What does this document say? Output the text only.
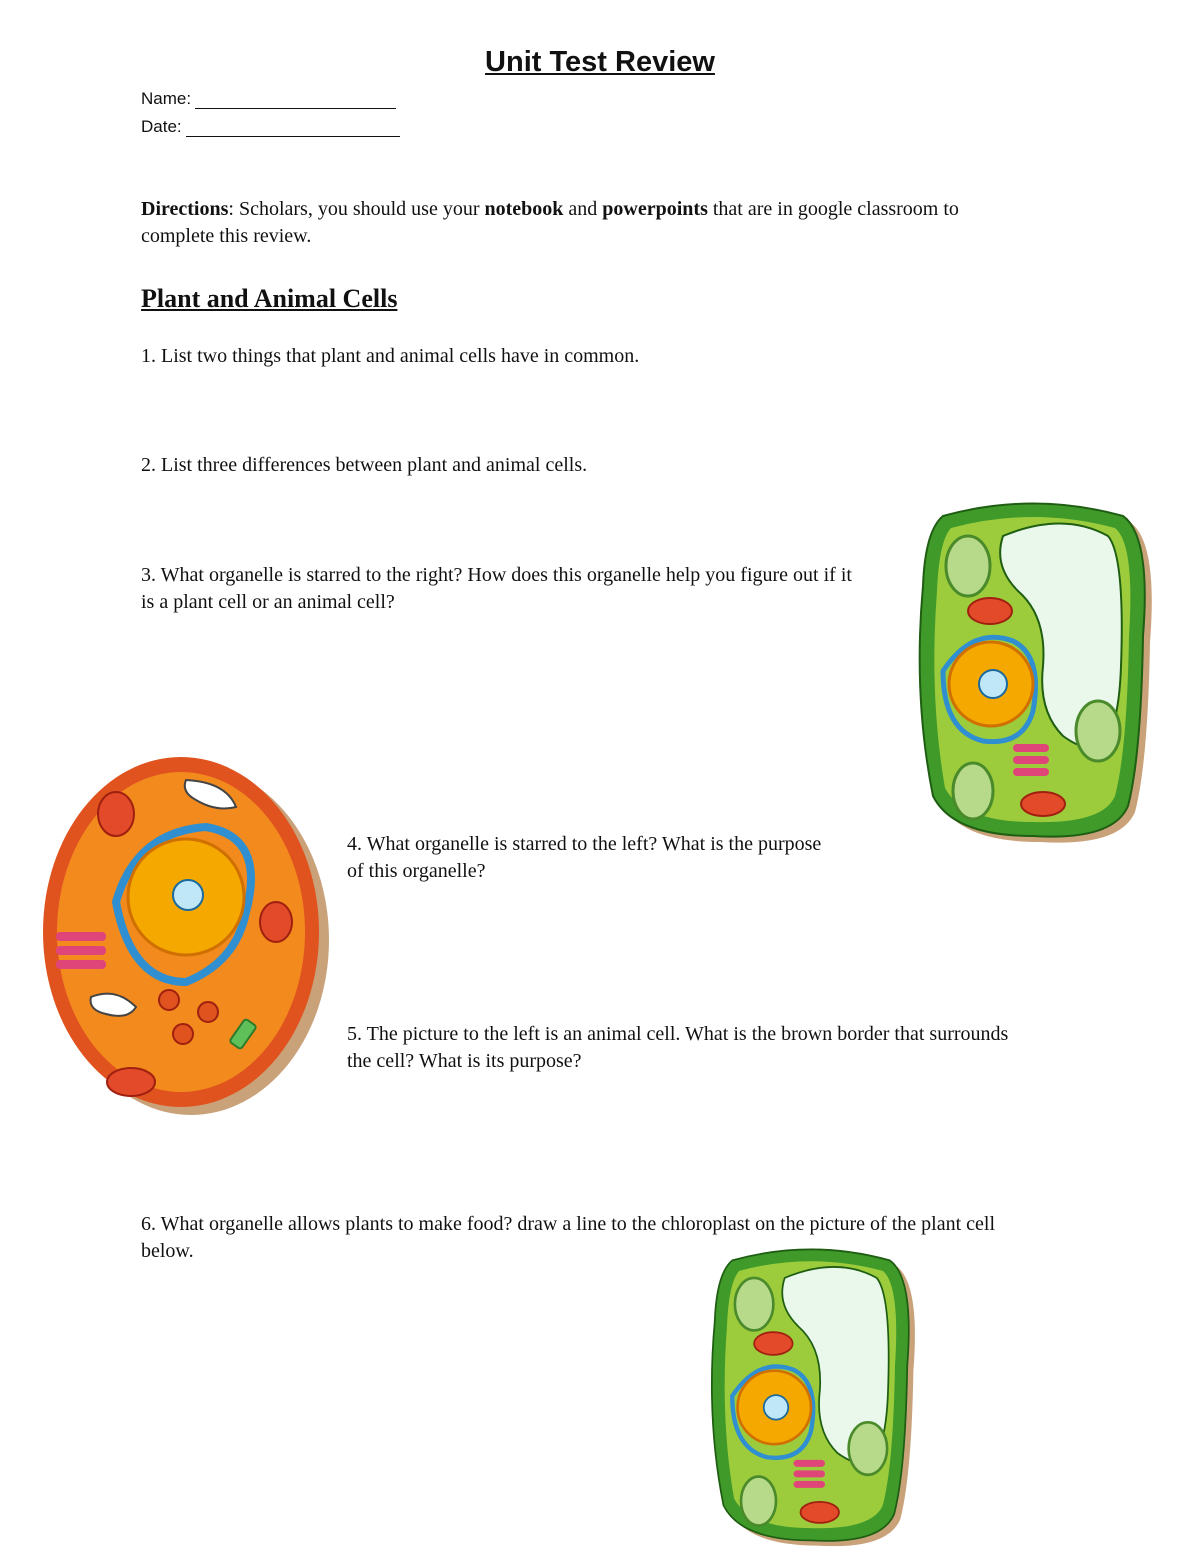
Unit Test Review
Name:
Date:
Directions: Scholars, you should use your notebook and powerpoints that are in google classroom to complete this review.
Plant and Animal Cells
1. List two things that plant and animal cells have in common.
2. List three differences between plant and animal cells.
3. What organelle is starred to the right? How does this organelle help you figure out if it is a plant cell or an animal cell?
4. What organelle is starred to the left? What is the purpose of this organelle?
5. The picture to the left is an animal cell. What is the brown border that surrounds the cell? What is its purpose?
6. What organelle allows plants to make food? draw a line to the chloroplast on the picture of the plant cell below.
